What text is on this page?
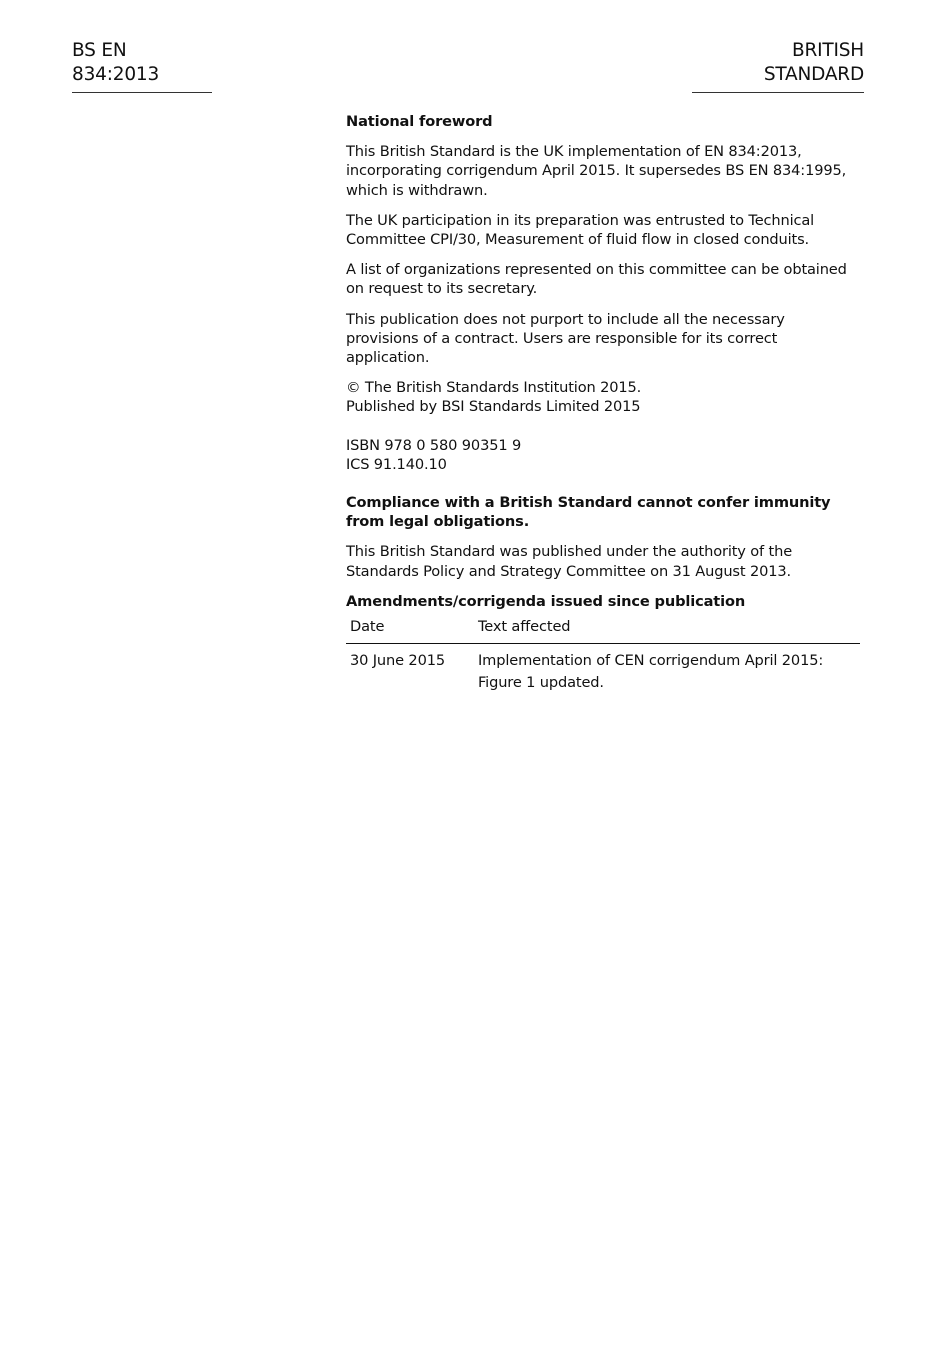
BS EN 834:2013
BRITISH STANDARD

National foreword

This British Standard is the UK implementation of EN 834:2013, incorporating corrigendum April 2015. It supersedes BS EN 834:1995, which is withdrawn.

The UK participation in its preparation was entrusted to Technical Committee CPI/30, Measurement of fluid flow in closed conduits.

A list of organizations represented on this committee can be obtained on request to its secretary.

This publication does not purport to include all the necessary provisions of a contract. Users are responsible for its correct application.

© The British Standards Institution 2015.

Published by BSI Standards Limited 2015

ISBN 978 0 580 90351 9

ICS 91.140.10

Compliance with a British Standard cannot confer immunity from legal obligations.

This British Standard was published under the authority of the Standards Policy and Strategy Committee on 31 August 2013.

Amendments/corrigenda issued since publication

Date	Text affected
30 June 2015	Implementation of CEN corrigendum April 2015:
Figure 1 updated.
